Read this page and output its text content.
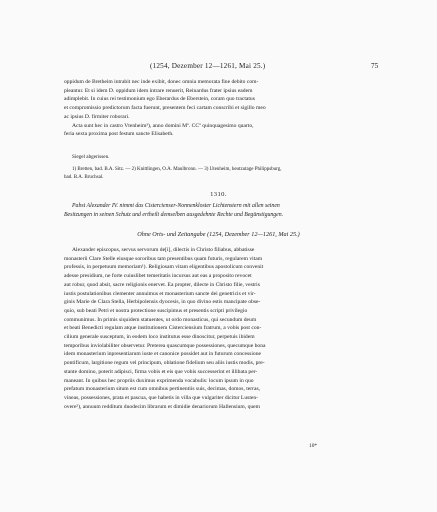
(1254, Dezember 12—1261, Mai 25.)	75

oppidum de Bretheim intrabit nec inde exibit, donec omnia memorata fine debito com-

pleantur. Et si idem D. oppidum idem intrare renuerit, Reinardus frater ipsius eadem

adimplebit. In cuius rei testimonium ego Eberardus de Eberstein, coram quo tractatus

et compromissio predictorum facta fuerunt, presentem feci cartam conscribi et sigillo meo

ac ipsius D. firmiter roborari.

Acta sunt hec in castro Vtenheim³), anno domini Mº. CCº quinquagesimo quarto,

feria sexta proxima post festum sancte Elisabeth.

Siegel abgerissen.
1) Bretten, bad. B.A. Sitz. — 2) Knittlingen, O.A. Maulbronn. — 3) Utenheim, heutzutage Philippsburg,
bad. B.A. Bruchsal.
1310.
Pabst Alexander IV. nimmt das Cistercienser-Nonnenkloster Lichtenstern mit allen seinen
Besitzungen in seinen Schutz und ertheilt demselben ausgedehnte Rechte und Begünstigungen.
Ohne Orts- und Zeitangabe (1254, Dezember 12—1261, Mai 25.)

Alexander episcopus, servus servorum de[i], dilectis in Christo filiabus, abbatisse

monasterii Clare Stelle eiusque sororibus tam presentibus quam futuris, regularem vitam

professis, in perpetuum memoriam¹). Religiosam vitam eligentibus apostolicum convenit

adesse presidium, ne forte cuiuslibet temeritatis incursus aut eas a proposito revocet

aut robur, quod absit, sacre religionis enervet. Ea propter, dilecte in Christo filie, vestris

iustis postulationibus clementer annuimus et monasterium sancte dei genetricis et vir-

ginis Marie de Clara Stella, Herbipolensis dyocesis, in quo divino estis mancipate obse-

quio, sub beati Petri et nostra protectione suscipimus et presentis scripti privilegio

communimus. In primis siquidem statuentes, ut ordo monasticus, qui secundum deum

et beati Benedicti regulam atque institutionem Cisterciensium fratrum, a vobis post con-

cilium generale susceptum, in eodem loco institutus esse dinoscitur, perpetuis ibidem

temporibus inviolabiliter observetur. Preterea quascumque possessiones, quecumque bona

idem monasterium inpresentiarum iuste et canonice possidet aut in futurum concessione

pontificum, largitione regum vel principum, oblatione fidelium seu aliis iustis modis, pre-

stante domino, poterit adipisci, firma vobis et eis que vobis successerint et illibata per-

maneant. In quibus hec propriis duximus exprimenda vocabulis: locum ipsum in quo

prefatum monasterium situm est cum omnibus pertinentiis suis, decimas, domos, terras,

vineas, possessiones, prata et pascua, que habetis in villa que vulgariter dicitur Lusten-

overe²), annuum redditum duodecim librarum et dimidie denariorum Hallensium, quem

10*
